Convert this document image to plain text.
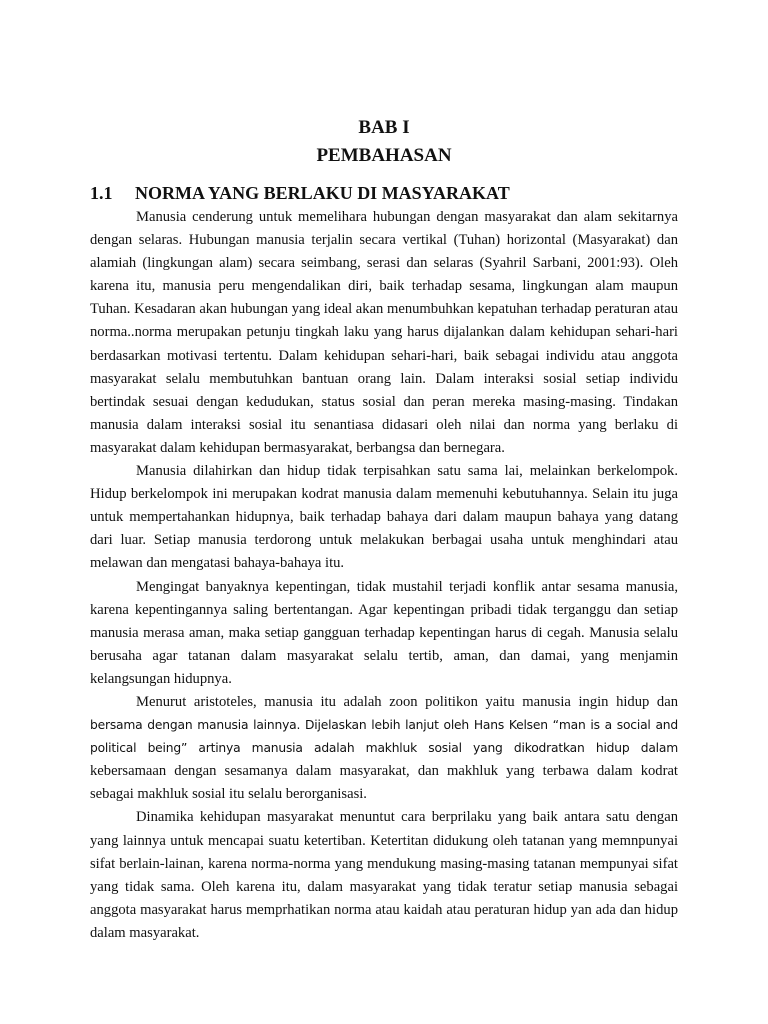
BAB I

PEMBAHASAN

1.1 NORMA YANG BERLAKU DI MASYARAKAT

Manusia cenderung untuk memelihara hubungan dengan masyarakat dan alam sekitarnya dengan selaras. Hubungan manusia terjalin secara vertikal (Tuhan) horizontal (Masyarakat) dan alamiah (lingkungan alam) secara seimbang, serasi dan selaras (Syahril Sarbani, 2001:93). Oleh karena itu, manusia peru mengendalikan diri, baik terhadap sesama, lingkungan alam maupun Tuhan. Kesadaran akan hubungan yang ideal akan menumbuhkan kepatuhan terhadap peraturan atau norma..norma merupakan petunju tingkah laku yang harus dijalankan dalam kehidupan sehari-hari berdasarkan motivasi tertentu. Dalam kehidupan sehari-hari, baik sebagai individu atau anggota masyarakat selalu membutuhkan bantuan orang lain. Dalam interaksi sosial setiap individu bertindak sesuai dengan kedudukan, status sosial dan peran mereka masing-masing. Tindakan manusia dalam interaksi sosial itu senantiasa didasari oleh nilai dan norma yang berlaku di masyarakat dalam kehidupan bermasyarakat, berbangsa dan bernegara.

Manusia dilahirkan dan hidup tidak terpisahkan satu sama lai, melainkan berkelompok. Hidup berkelompok ini merupakan kodrat manusia dalam memenuhi kebutuhannya. Selain itu juga untuk mempertahankan hidupnya, baik terhadap bahaya dari dalam maupun bahaya yang datang dari luar. Setiap manusia terdorong untuk melakukan berbagai usaha untuk menghindari atau melawan dan mengatasi bahaya-bahaya itu.

Mengingat banyaknya kepentingan, tidak mustahil terjadi konflik antar sesama manusia, karena kepentingannya saling bertentangan. Agar kepentingan pribadi tidak terganggu dan setiap manusia merasa aman, maka setiap gangguan terhadap kepentingan harus di cegah. Manusia selalu berusaha agar tatanan dalam masyarakat selalu tertib, aman, dan damai, yang menjamin kelangsungan hidupnya.

Menurut aristoteles, manusia itu adalah zoon politikon yaitu manusia ingin hidup dan bersama dengan manusia lainnya. Dijelaskan lebih lanjut oleh Hans Kelsen “man is a social and political being” artinya manusia adalah makhluk sosial yang dikodratkan hidup dalam kebersamaan dengan sesamanya dalam masyarakat, dan makhluk yang terbawa dalam kodrat sebagai makhluk sosial itu selalu berorganisasi.

Dinamika kehidupan masyarakat menuntut cara berprilaku yang baik antara satu dengan yang lainnya untuk mencapai suatu ketertiban. Ketertitan didukung oleh tatanan yang memnpunyai sifat berlain-lainan, karena norma-norma yang mendukung masing-masing tatanan mempunyai sifat yang tidak sama. Oleh karena itu, dalam masyarakat yang tidak teratur setiap manusia sebagai anggota masyarakat harus memprhatikan norma atau kaidah atau peraturan hidup yan ada dan hidup dalam masyarakat.
